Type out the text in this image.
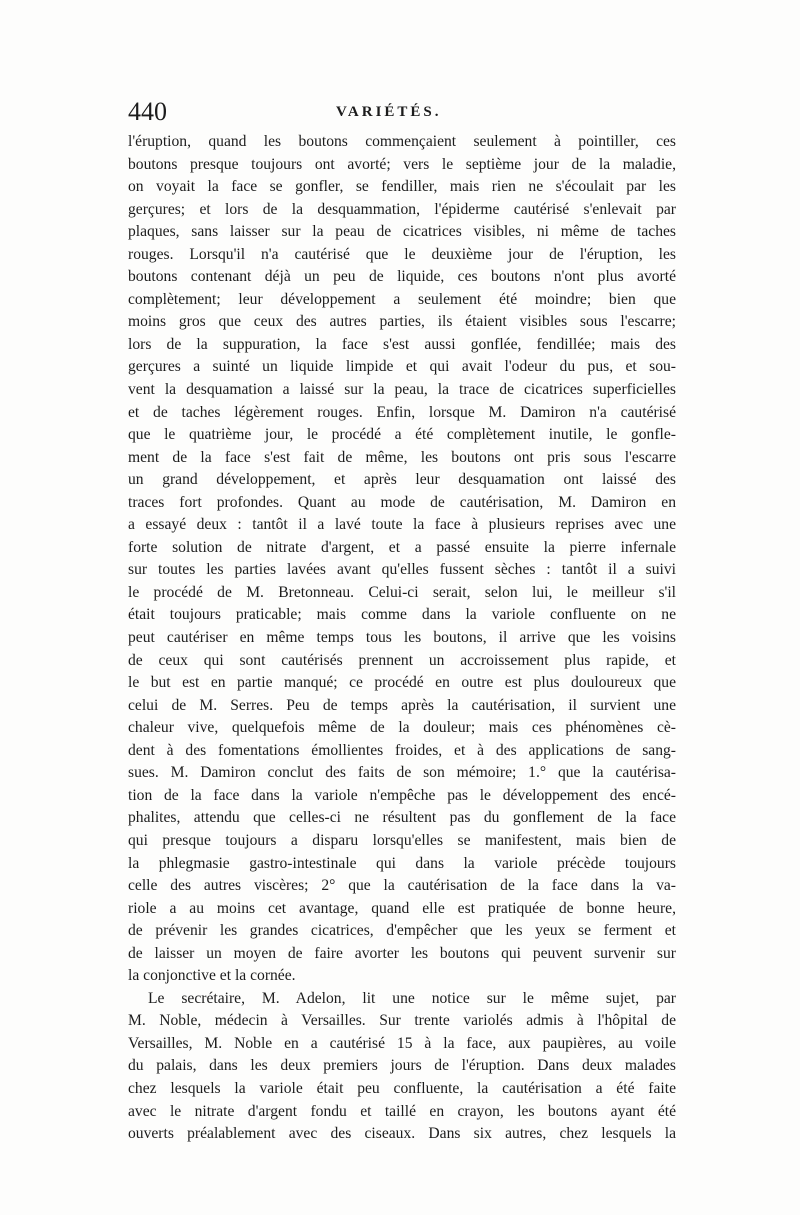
440	VARIÉTÉS.
l'éruption, quand les boutons commençaient seulement à pointiller, ces
boutons presque toujours ont avorté; vers le septième jour de la maladie,
on voyait la face se gonfler, se fendiller, mais rien ne s'écoulait par les
gerçures; et lors de la desquammation, l'épiderme cautérisé s'enlevait par
plaques, sans laisser sur la peau de cicatrices visibles, ni même de taches
rouges. Lorsqu'il n'a cautérisé que le deuxième jour de l'éruption, les
boutons contenant déjà un peu de liquide, ces boutons n'ont plus avorté
complètement; leur développement a seulement été moindre; bien que
moins gros que ceux des autres parties, ils étaient visibles sous l'escarre;
lors de la suppuration, la face s'est aussi gonflée, fendillée; mais des
gerçures a suinté un liquide limpide et qui avait l'odeur du pus, et sou-
vent la desquamation a laissé sur la peau, la trace de cicatrices superficielles
et de taches légèrement rouges. Enfin, lorsque M. Damiron n'a cautérisé
que le quatrième jour, le procédé a été complètement inutile, le gonfle-
ment de la face s'est fait de même, les boutons ont pris sous l'escarre
un grand développement, et après leur desquamation ont laissé des
traces fort profondes. Quant au mode de cautérisation, M. Damiron en
a essayé deux : tantôt il a lavé toute la face à plusieurs reprises avec une
forte solution de nitrate d'argent, et a passé ensuite la pierre infernale
sur toutes les parties lavées avant qu'elles fussent sèches : tantôt il a suivi
le procédé de M. Bretonneau. Celui-ci serait, selon lui, le meilleur s'il
était toujours praticable; mais comme dans la variole confluente on ne
peut cautériser en même temps tous les boutons, il arrive que les voisins
de ceux qui sont cautérisés prennent un accroissement plus rapide, et
le but est en partie manqué; ce procédé en outre est plus douloureux que
celui de M. Serres. Peu de temps après la cautérisation, il survient une
chaleur vive, quelquefois même de la douleur; mais ces phénomènes cè-
dent à des fomentations émollientes froides, et à des applications de sang-
sues. M. Damiron conclut des faits de son mémoire; 1.° que la cautérisa-
tion de la face dans la variole n'empêche pas le développement des encé-
phalites, attendu que celles-ci ne résultent pas du gonflement de la face
qui presque toujours a disparu lorsqu'elles se manifestent, mais bien de
la phlegmasie gastro-intestinale qui dans la variole précède toujours
celle des autres viscères; 2° que la cautérisation de la face dans la va-
riole a au moins cet avantage, quand elle est pratiquée de bonne heure,
de prévenir les grandes cicatrices, d'empêcher que les yeux se ferment et
de laisser un moyen de faire avorter les boutons qui peuvent survenir sur
la conjonctive et la cornée.
Le secrétaire, M. Adelon, lit une notice sur le même sujet, par
M. Noble, médecin à Versailles. Sur trente variolés admis à l'hôpital de
Versailles, M. Noble en a cautérisé 15 à la face, aux paupières, au voile
du palais, dans les deux premiers jours de l'éruption. Dans deux malades
chez lesquels la variole était peu confluente, la cautérisation a été faite
avec le nitrate d'argent fondu et taillé en crayon, les boutons ayant été
ouverts préalablement avec des ciseaux. Dans six autres, chez lesquels la
